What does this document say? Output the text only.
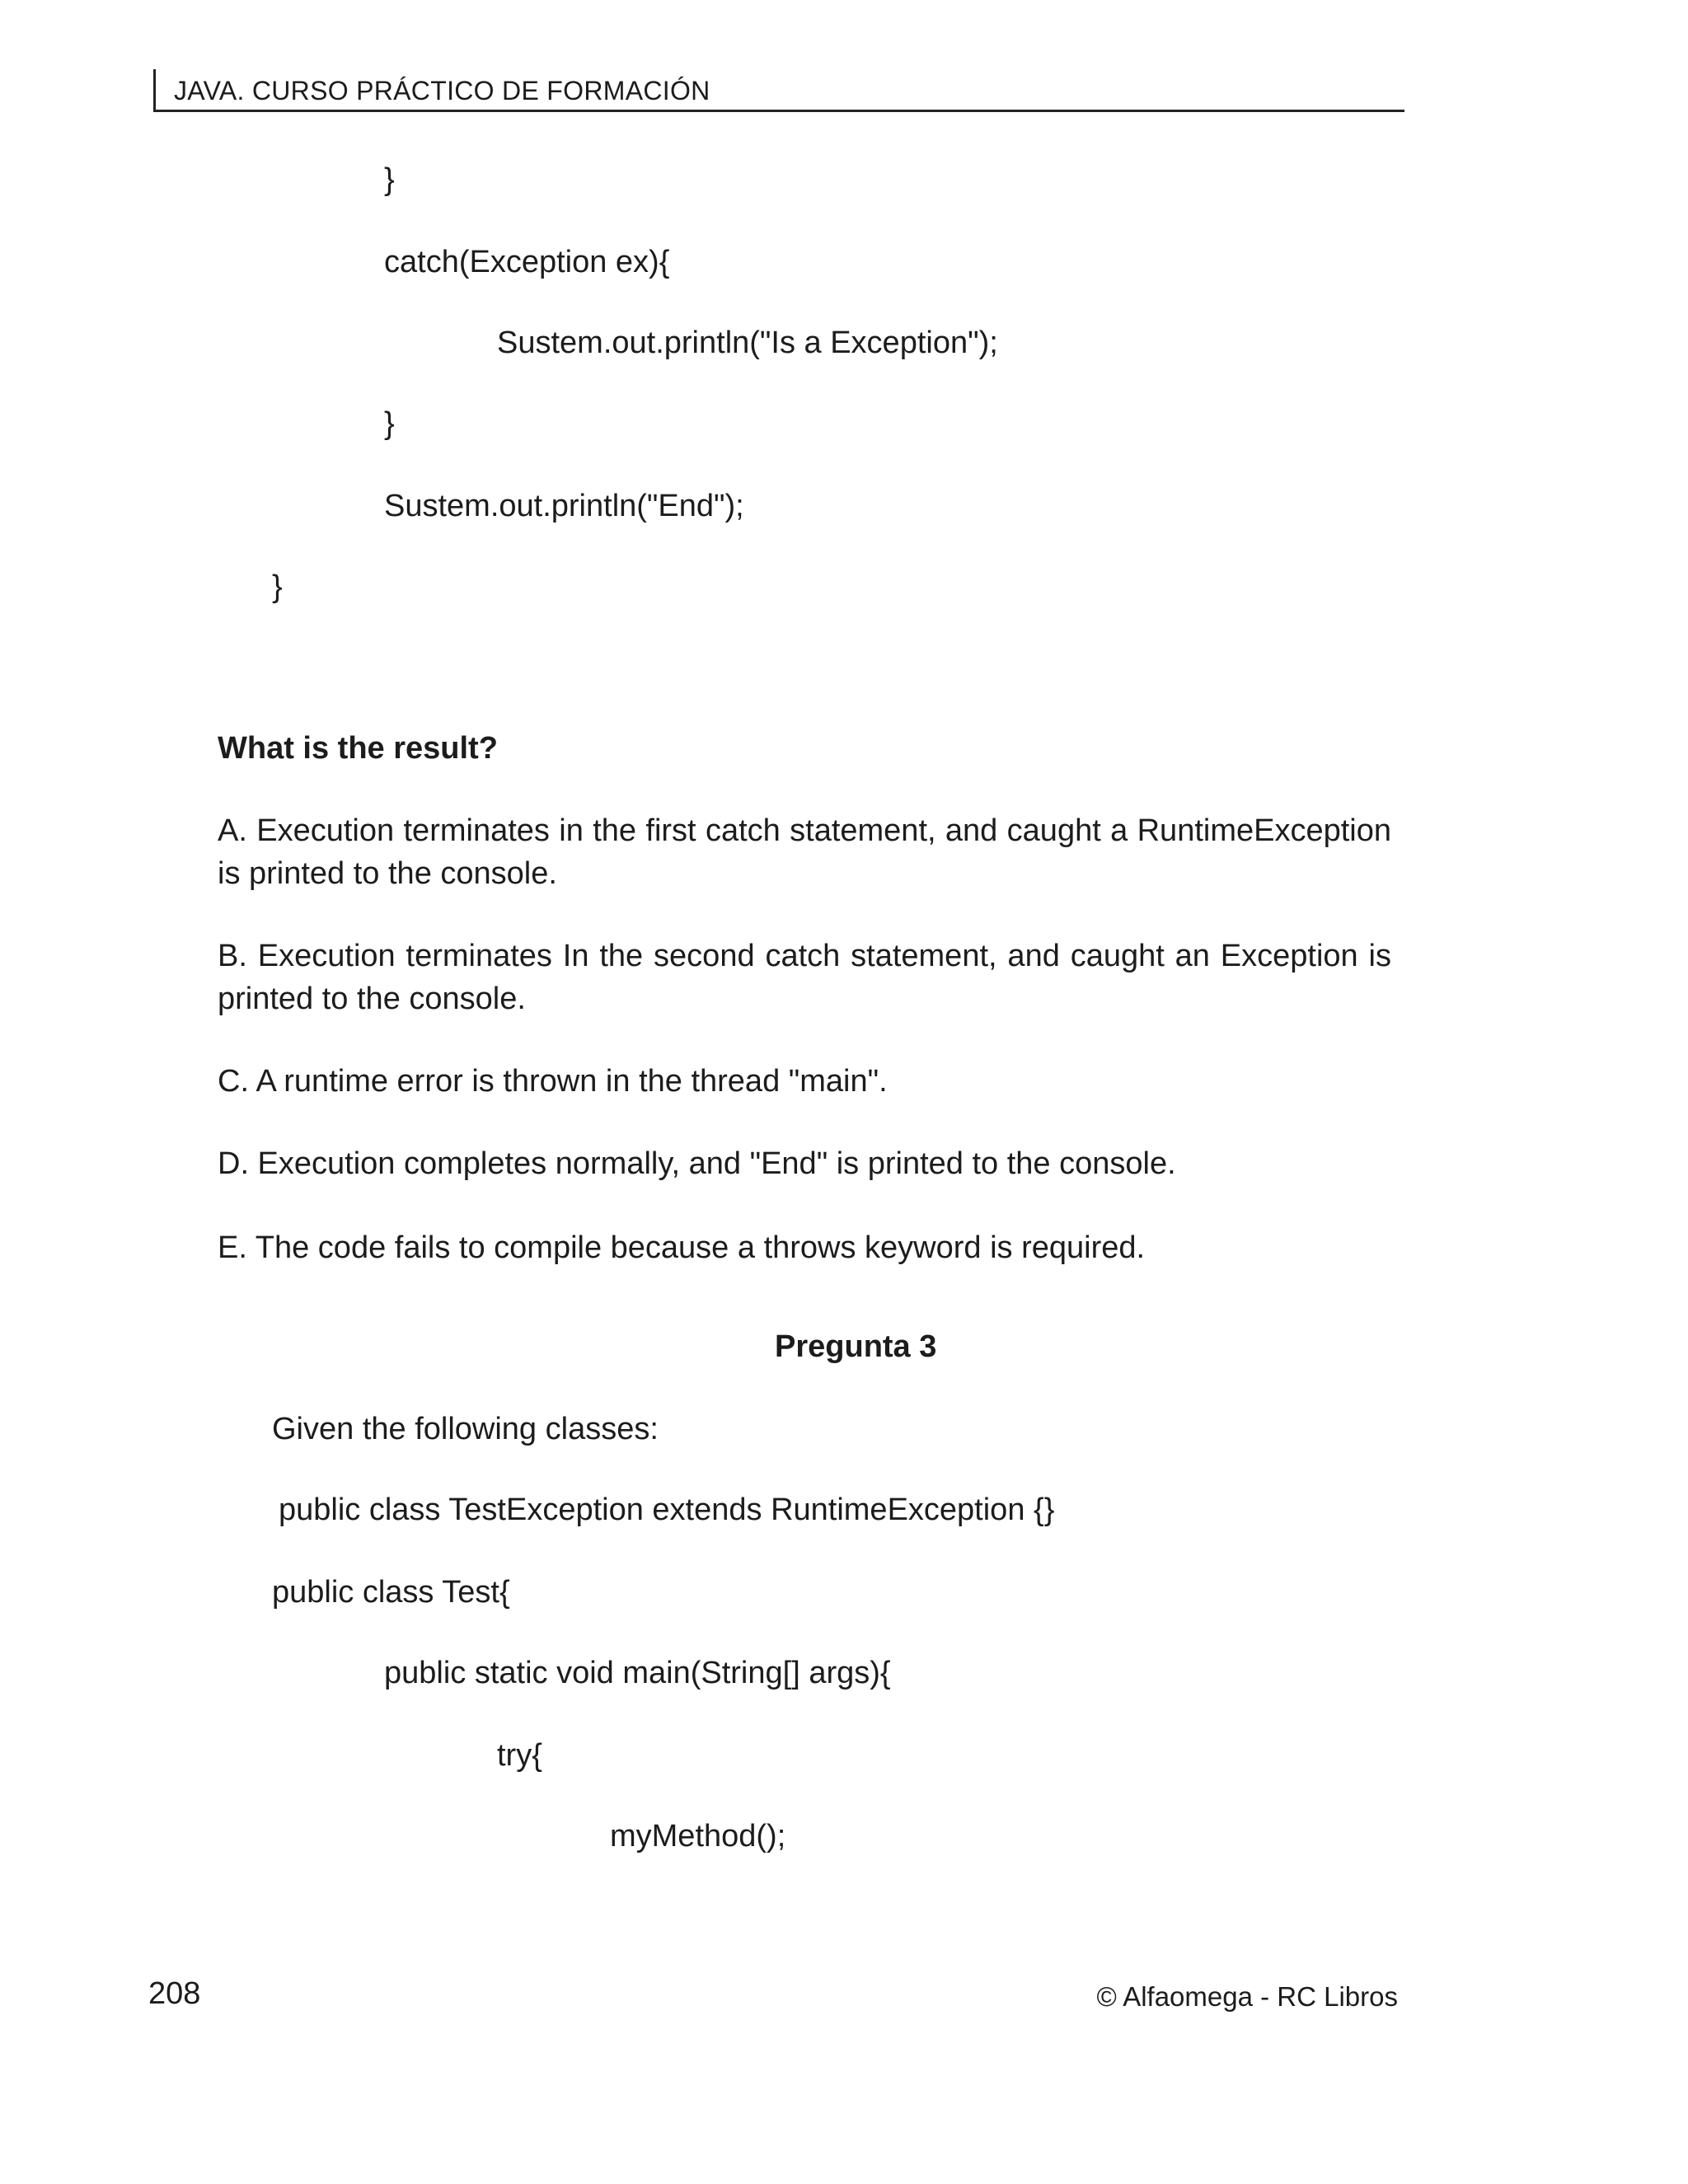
JAVA. CURSO PRÁCTICO DE FORMACIÓN
}
catch(Exception ex){
Sustem.out.println("Is a Exception");
}
Sustem.out.println("End");
}
What is the result?
A. Execution terminates in the first catch statement, and caught a RuntimeException is printed to the console.
B. Execution terminates In the second catch statement, and caught an Exception is printed to the console.
C. A runtime error is thrown in the thread "main".
D. Execution completes normally, and "End" is printed to the console.
E. The code fails to compile because a throws keyword is required.
Pregunta 3
Given the following classes:
public class TestException extends RuntimeException {}
public class Test{
public static void main(String[] args){
try{
myMethod();
208	© Alfaomega - RC Libros
